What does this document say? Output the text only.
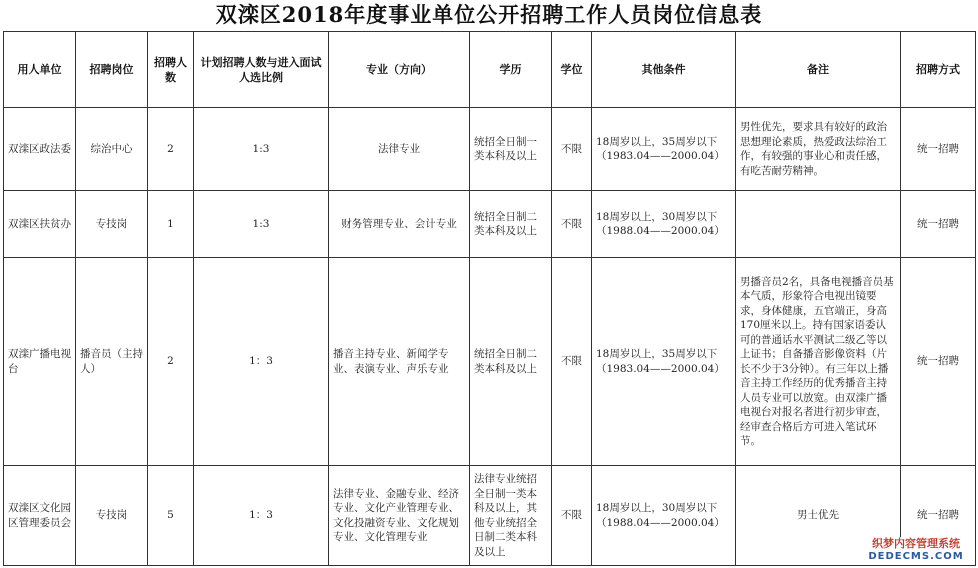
双滦区2018年度事业单位公开招聘工作人员岗位信息表
用人单位	招聘岗位	招聘人数	计划招聘人数与进入面试人选比例	专业（方向）	学历	学位	其他条件	备注	招聘方式
双滦区政法委	综治中心	2	1:3	法律专业	统招全日制一类本科及以上	不限	18周岁以上，35周岁以下（1983.04——2000.04）	男性优先，要求具有较好的政治思想理论素质，热爱政法综治工作，有较强的事业心和责任感，有吃苦耐劳精神。	统一招聘
双滦区扶贫办	专技岗	1	1:3	财务管理专业、会计专业	统招全日制二类本科及以上	不限	18周岁以上，30周岁以下（1988.04——2000.04）		统一招聘
双滦广播电视台	播音员（主持人）	2	1：3	播音主持专业、新闻学专业、表演专业、声乐专业	统招全日制二类本科及以上	不限	18周岁以上，35周岁以下（1983.04——2000.04）	男播音员2名，具备电视播音员基本气质，形象符合电视出镜要求，身体健康，五官端正，身高170厘米以上。持有国家语委认可的普通话水平测试二级乙等以上证书；自备播音影像资料（片长不少于3分钟）。有三年以上播音主持工作经历的优秀播音主持人员专业可以放宽。由双滦广播电视台对报名者进行初步审查，经审查合格后方可进入笔试环节。	统一招聘
双滦区文化园区管理委员会	专技岗	5	1：3	法律专业、金融专业、经济专业、文化产业管理专业、文化投融资专业、文化规划专业、文化管理专业	法律专业统招全日制一类本科及以上，其他专业统招全日制二类本科及以上	不限	18周岁以上，30周岁以下（1988.04——2000.04）	男士优先	统一招聘
织梦内容管理系统
DEDECMS.COM
